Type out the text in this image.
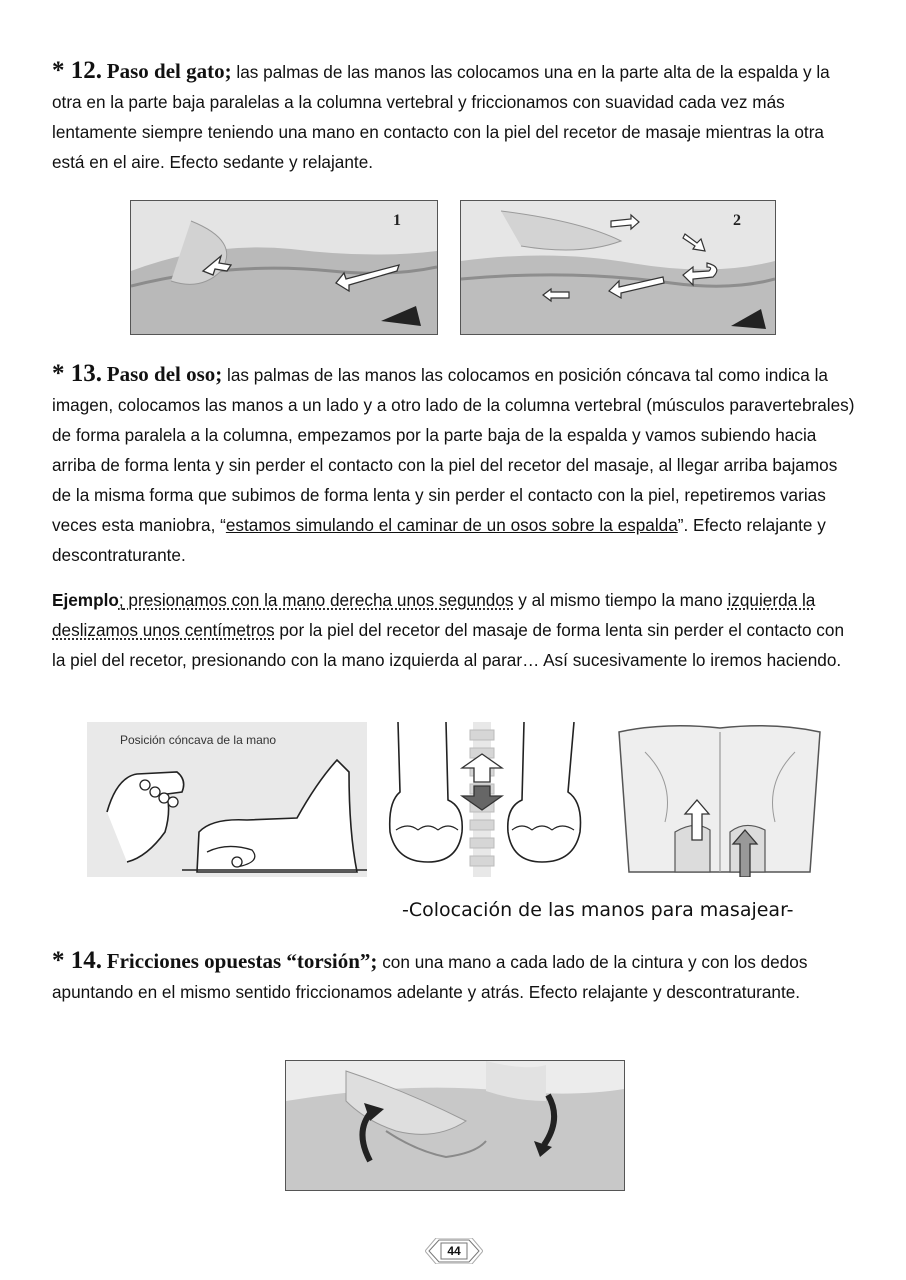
* 12. Paso del gato; las palmas de las manos las colocamos una en la parte alta de la espalda y la otra en la parte baja paralelas a la columna vertebral y friccionamos con suavidad cada vez más lentamente siempre teniendo una mano en contacto con la piel del recetor de masaje mientras la otra está en el aire. Efecto sedante y relajante.

1	2

* 13. Paso del oso; las palmas de las manos las colocamos en posición cóncava tal como indica la imagen, colocamos las manos a un lado y a otro lado de la columna vertebral (músculos paravertebrales) de forma paralela a la columna, empezamos por la parte baja de la espalda y vamos subiendo hacia arriba de forma lenta y sin perder el contacto con la piel del recetor del masaje, al llegar arriba bajamos de la misma forma que subimos de forma lenta y sin perder el contacto con la piel, repetiremos varias veces esta maniobra, “estamos simulando el caminar de un osos sobre la espalda”. Efecto relajante y descontraturante.

Ejemplo; presionamos con la mano derecha unos segundos y al mismo tiempo la mano izquierda la deslizamos unos centímetros por la piel del recetor del masaje de forma lenta sin perder el contacto con la piel del recetor, presionando con la mano izquierda al parar… Así sucesivamente lo iremos haciendo.

Posición cóncava de la mano
-Colocación de las manos para masajear-

* 14. Fricciones opuestas “torsión”; con una mano a cada lado de la cintura y con los dedos apuntando en el mismo sentido friccionamos adelante y atrás. Efecto relajante y descontraturante.

44
